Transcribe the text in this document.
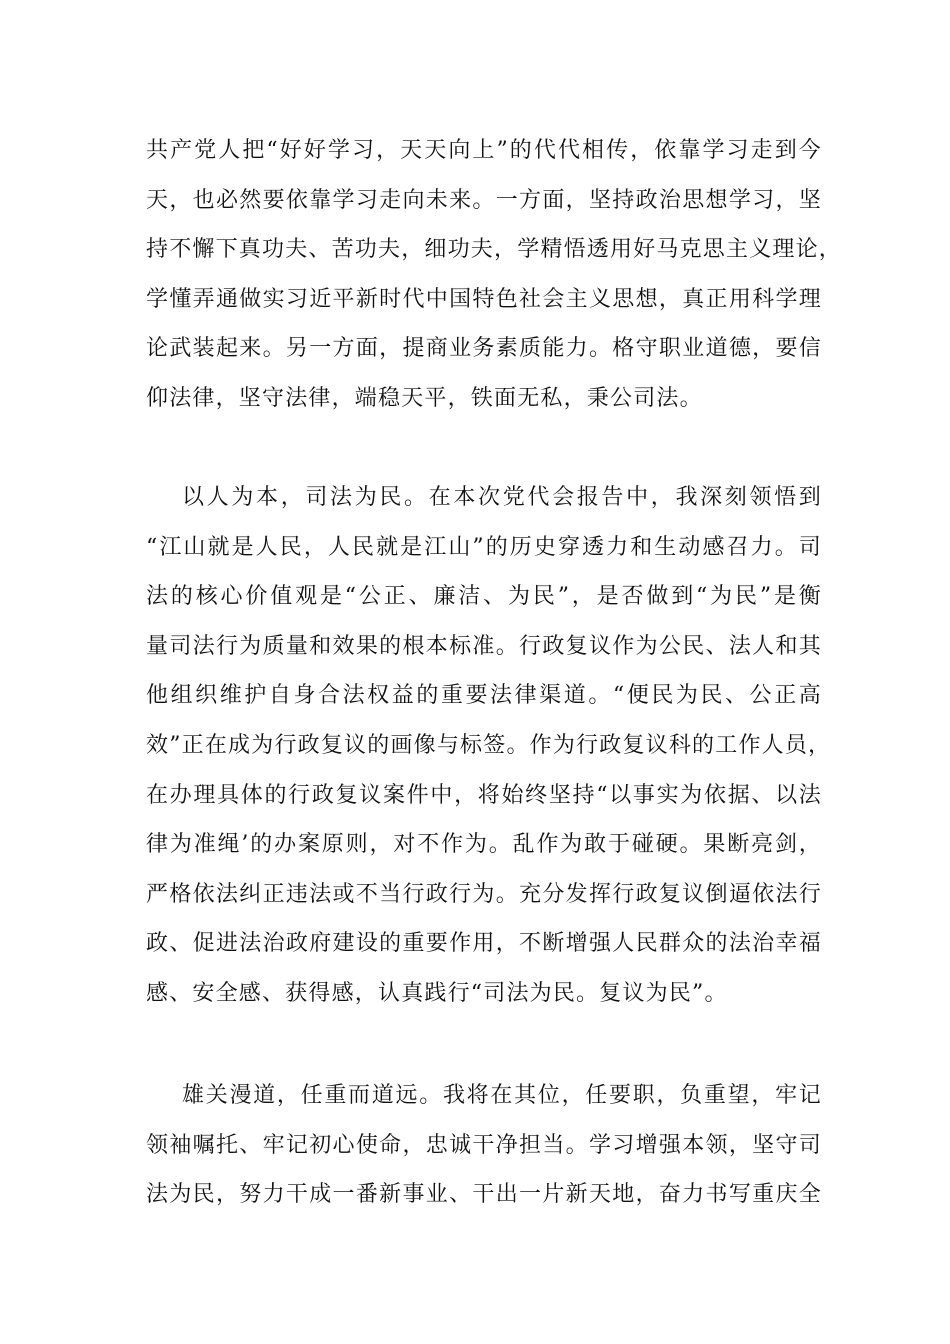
共产党人把“好好学习，天天向上”的代代相传，依靠学习走到今
天，也必然要依靠学习走向未来。一方面，坚持政治思想学习，坚
持不懈下真功夫、苦功夫，细功夫，学精悟透用好马克思主义理论，
学懂弄通做实习近平新时代中国特色社会主义思想，真正用科学理
论武装起来。另一方面，提商业务素质能力。格守职业道德，要信
仰法律，坚守法律，端稳天平，铁面无私，秉公司法。
以人为本，司法为民。在本次党代会报告中，我深刻领悟到
“江山就是人民，人民就是江山”的历史穿透力和生动感召力。司
法的核心价值观是“公正、廉洁、为民”，是否做到“为民”是衡
量司法行为质量和效果的根本标准。行政复议作为公民、法人和其
他组织维护自身合法权益的重要法律渠道。“便民为民、公正高
效”正在成为行政复议的画像与标签。作为行政复议科的工作人员，
在办理具体的行政复议案件中，将始终坚持“以事实为依据、以法
律为准绳’的办案原则，对不作为。乱作为敢于碰硬。果断亮剑，
严格依法纠正违法或不当行政行为。充分发挥行政复议倒逼依法行
政、促进法治政府建设的重要作用，不断增强人民群众的法治幸福
感、安全感、获得感，认真践行“司法为民。复议为民”。
雄关漫道，任重而道远。我将在其位，任要职，负重望，牢记
领袖嘱托、牢记初心使命，忠诚干净担当。学习增强本领，坚守司
法为民，努力干成一番新事业、干出一片新天地，奋力书写重庆全
